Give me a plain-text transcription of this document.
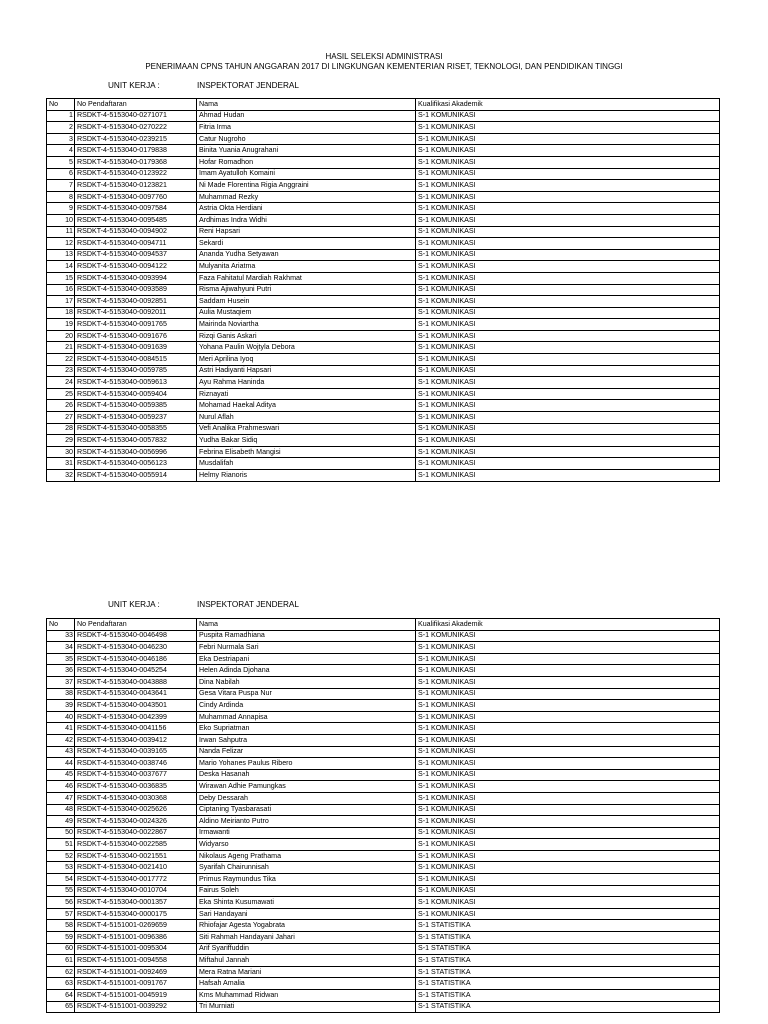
HASIL SELEKSI ADMINISTRASI
PENERIMAAN CPNS TAHUN ANGGARAN 2017 DI LINGKUNGAN KEMENTERIAN RISET, TEKNOLOGI, DAN PENDIDIKAN TINGGI
UNIT KERJA :	INSPEKTORAT JENDERAL
No	No Pendaftaran	Nama	Kualifikasi Akademik
1	RSDKT-4-5153040-0271071	Ahmad Hudan	S-1 KOMUNIKASI
2	RSDKT-4-5153040-0270222	Fitria Irma	S-1 KOMUNIKASI
3	RSDKT-4-5153040-0239215	Catur Nugroho	S-1 KOMUNIKASI
4	RSDKT-4-5153040-0179838	Binita Yuania Anugrahani	S-1 KOMUNIKASI
5	RSDKT-4-5153040-0179368	Hofar Romadhon	S-1 KOMUNIKASI
6	RSDKT-4-5153040-0123922	Imam Ayatulloh Komaini	S-1 KOMUNIKASI
7	RSDKT-4-5153040-0123821	Ni Made Florentina Rigia Anggraini	S-1 KOMUNIKASI
8	RSDKT-4-5153040-0097760	Muhammad Rezky	S-1 KOMUNIKASI
9	RSDKT-4-5153040-0097584	Astria Okta Herdiani	S-1 KOMUNIKASI
10	RSDKT-4-5153040-0095485	Ardhimas Indra Widhi	S-1 KOMUNIKASI
11	RSDKT-4-5153040-0094902	Reni Hapsari	S-1 KOMUNIKASI
12	RSDKT-4-5153040-0094711	Sekardi	S-1 KOMUNIKASI
13	RSDKT-4-5153040-0094537	Ananda Yudha Setyawan	S-1 KOMUNIKASI
14	RSDKT-4-5153040-0094122	Mulyanita Ariatma	S-1 KOMUNIKASI
15	RSDKT-4-5153040-0093994	Faza Fahitatul Mardiah Rakhmat	S-1 KOMUNIKASI
16	RSDKT-4-5153040-0093589	Risma Ajiwahyuni Putri	S-1 KOMUNIKASI
17	RSDKT-4-5153040-0092851	Saddam Husein	S-1 KOMUNIKASI
18	RSDKT-4-5153040-0092011	Aulia Mustaqiem	S-1 KOMUNIKASI
19	RSDKT-4-5153040-0091765	Mairinda Noviartha	S-1 KOMUNIKASI
20	RSDKT-4-5153040-0091676	Rizqi Ganis Askari	S-1 KOMUNIKASI
21	RSDKT-4-5153040-0091639	Yohana Paulin Wojtyla Debora	S-1 KOMUNIKASI
22	RSDKT-4-5153040-0084515	Meri Aprilina Iyoq	S-1 KOMUNIKASI
23	RSDKT-4-5153040-0059785	Astri Hadiyanti Hapsari	S-1 KOMUNIKASI
24	RSDKT-4-5153040-0059613	Ayu Rahma Haninda	S-1 KOMUNIKASI
25	RSDKT-4-5153040-0059404	Riznayati	S-1 KOMUNIKASI
26	RSDKT-4-5153040-0059385	Mohamad Haekal Aditya	S-1 KOMUNIKASI
27	RSDKT-4-5153040-0059237	Nurul Aflah	S-1 KOMUNIKASI
28	RSDKT-4-5153040-0058355	Vefi Analika Prahmeswari	S-1 KOMUNIKASI
29	RSDKT-4-5153040-0057832	Yudha Bakar Sidiq	S-1 KOMUNIKASI
30	RSDKT-4-5153040-0056996	Febrina Elisabeth Mangisi	S-1 KOMUNIKASI
31	RSDKT-4-5153040-0056123	Musdalifah	S-1 KOMUNIKASI
32	RSDKT-4-5153040-0055914	Helmy Rianoris	S-1 KOMUNIKASI
UNIT KERJA :	INSPEKTORAT JENDERAL
No	No Pendaftaran	Nama	Kualifikasi Akademik
33	RSDKT-4-5153040-0046498	Puspita Ramadhiana	S-1 KOMUNIKASI
34	RSDKT-4-5153040-0046230	Febri Nurmala Sari	S-1 KOMUNIKASI
35	RSDKT-4-5153040-0046186	Eka Destriapani	S-1 KOMUNIKASI
36	RSDKT-4-5153040-0045254	Helen Adinda Djohana	S-1 KOMUNIKASI
37	RSDKT-4-5153040-0043888	Dina Nabilah	S-1 KOMUNIKASI
38	RSDKT-4-5153040-0043641	Gesa Vitara Puspa Nur	S-1 KOMUNIKASI
39	RSDKT-4-5153040-0043501	Cindy Ardinda	S-1 KOMUNIKASI
40	RSDKT-4-5153040-0042399	Muhammad Annapisa	S-1 KOMUNIKASI
41	RSDKT-4-5153040-0041156	Eko Supriatman	S-1 KOMUNIKASI
42	RSDKT-4-5153040-0039412	Irwan Sahputra	S-1 KOMUNIKASI
43	RSDKT-4-5153040-0039165	Nanda Felizar	S-1 KOMUNIKASI
44	RSDKT-4-5153040-0038746	Mario Yohanes Paulus Ribero	S-1 KOMUNIKASI
45	RSDKT-4-5153040-0037677	Deska Hasanah	S-1 KOMUNIKASI
46	RSDKT-4-5153040-0036835	Wirawan Adhie Pamungkas	S-1 KOMUNIKASI
47	RSDKT-4-5153040-0030368	Deby Dessarah	S-1 KOMUNIKASI
48	RSDKT-4-5153040-0025626	Ciptaning Tyasbarasati	S-1 KOMUNIKASI
49	RSDKT-4-5153040-0024326	Aldino Meirianto Putro	S-1 KOMUNIKASI
50	RSDKT-4-5153040-0022867	Irmawanti	S-1 KOMUNIKASI
51	RSDKT-4-5153040-0022585	Widyarso	S-1 KOMUNIKASI
52	RSDKT-4-5153040-0021551	Nikolaus Ageng Prathama	S-1 KOMUNIKASI
53	RSDKT-4-5153040-0021410	Syarifah Chairunnisah	S-1 KOMUNIKASI
54	RSDKT-4-5153040-0017772	Primus Raymundus Tika	S-1 KOMUNIKASI
55	RSDKT-4-5153040-0010704	Fairus Soleh	S-1 KOMUNIKASI
56	RSDKT-4-5153040-0001357	Eka Shinta Kusumawati	S-1 KOMUNIKASI
57	RSDKT-4-5153040-0000175	Sari Handayani	S-1 KOMUNIKASI
58	RSDKT-4-5151001-0269659	Rhiofajar Agesta Yogabrata	S-1 STATISTIKA
59	RSDKT-4-5151001-0096386	Siti Rahmah Handayani Jahari	S-1 STATISTIKA
60	RSDKT-4-5151001-0095304	Arif Syariffuddin	S-1 STATISTIKA
61	RSDKT-4-5151001-0094558	Miftahul Jannah	S-1 STATISTIKA
62	RSDKT-4-5151001-0092469	Mera Ratna Mariani	S-1 STATISTIKA
63	RSDKT-4-5151001-0091767	Hafsah Amalia	S-1 STATISTIKA
64	RSDKT-4-5151001-0045919	Kms Muhammad Ridwan	S-1 STATISTIKA
65	RSDKT-4-5151001-0039292	Tri Murniati	S-1 STATISTIKA
